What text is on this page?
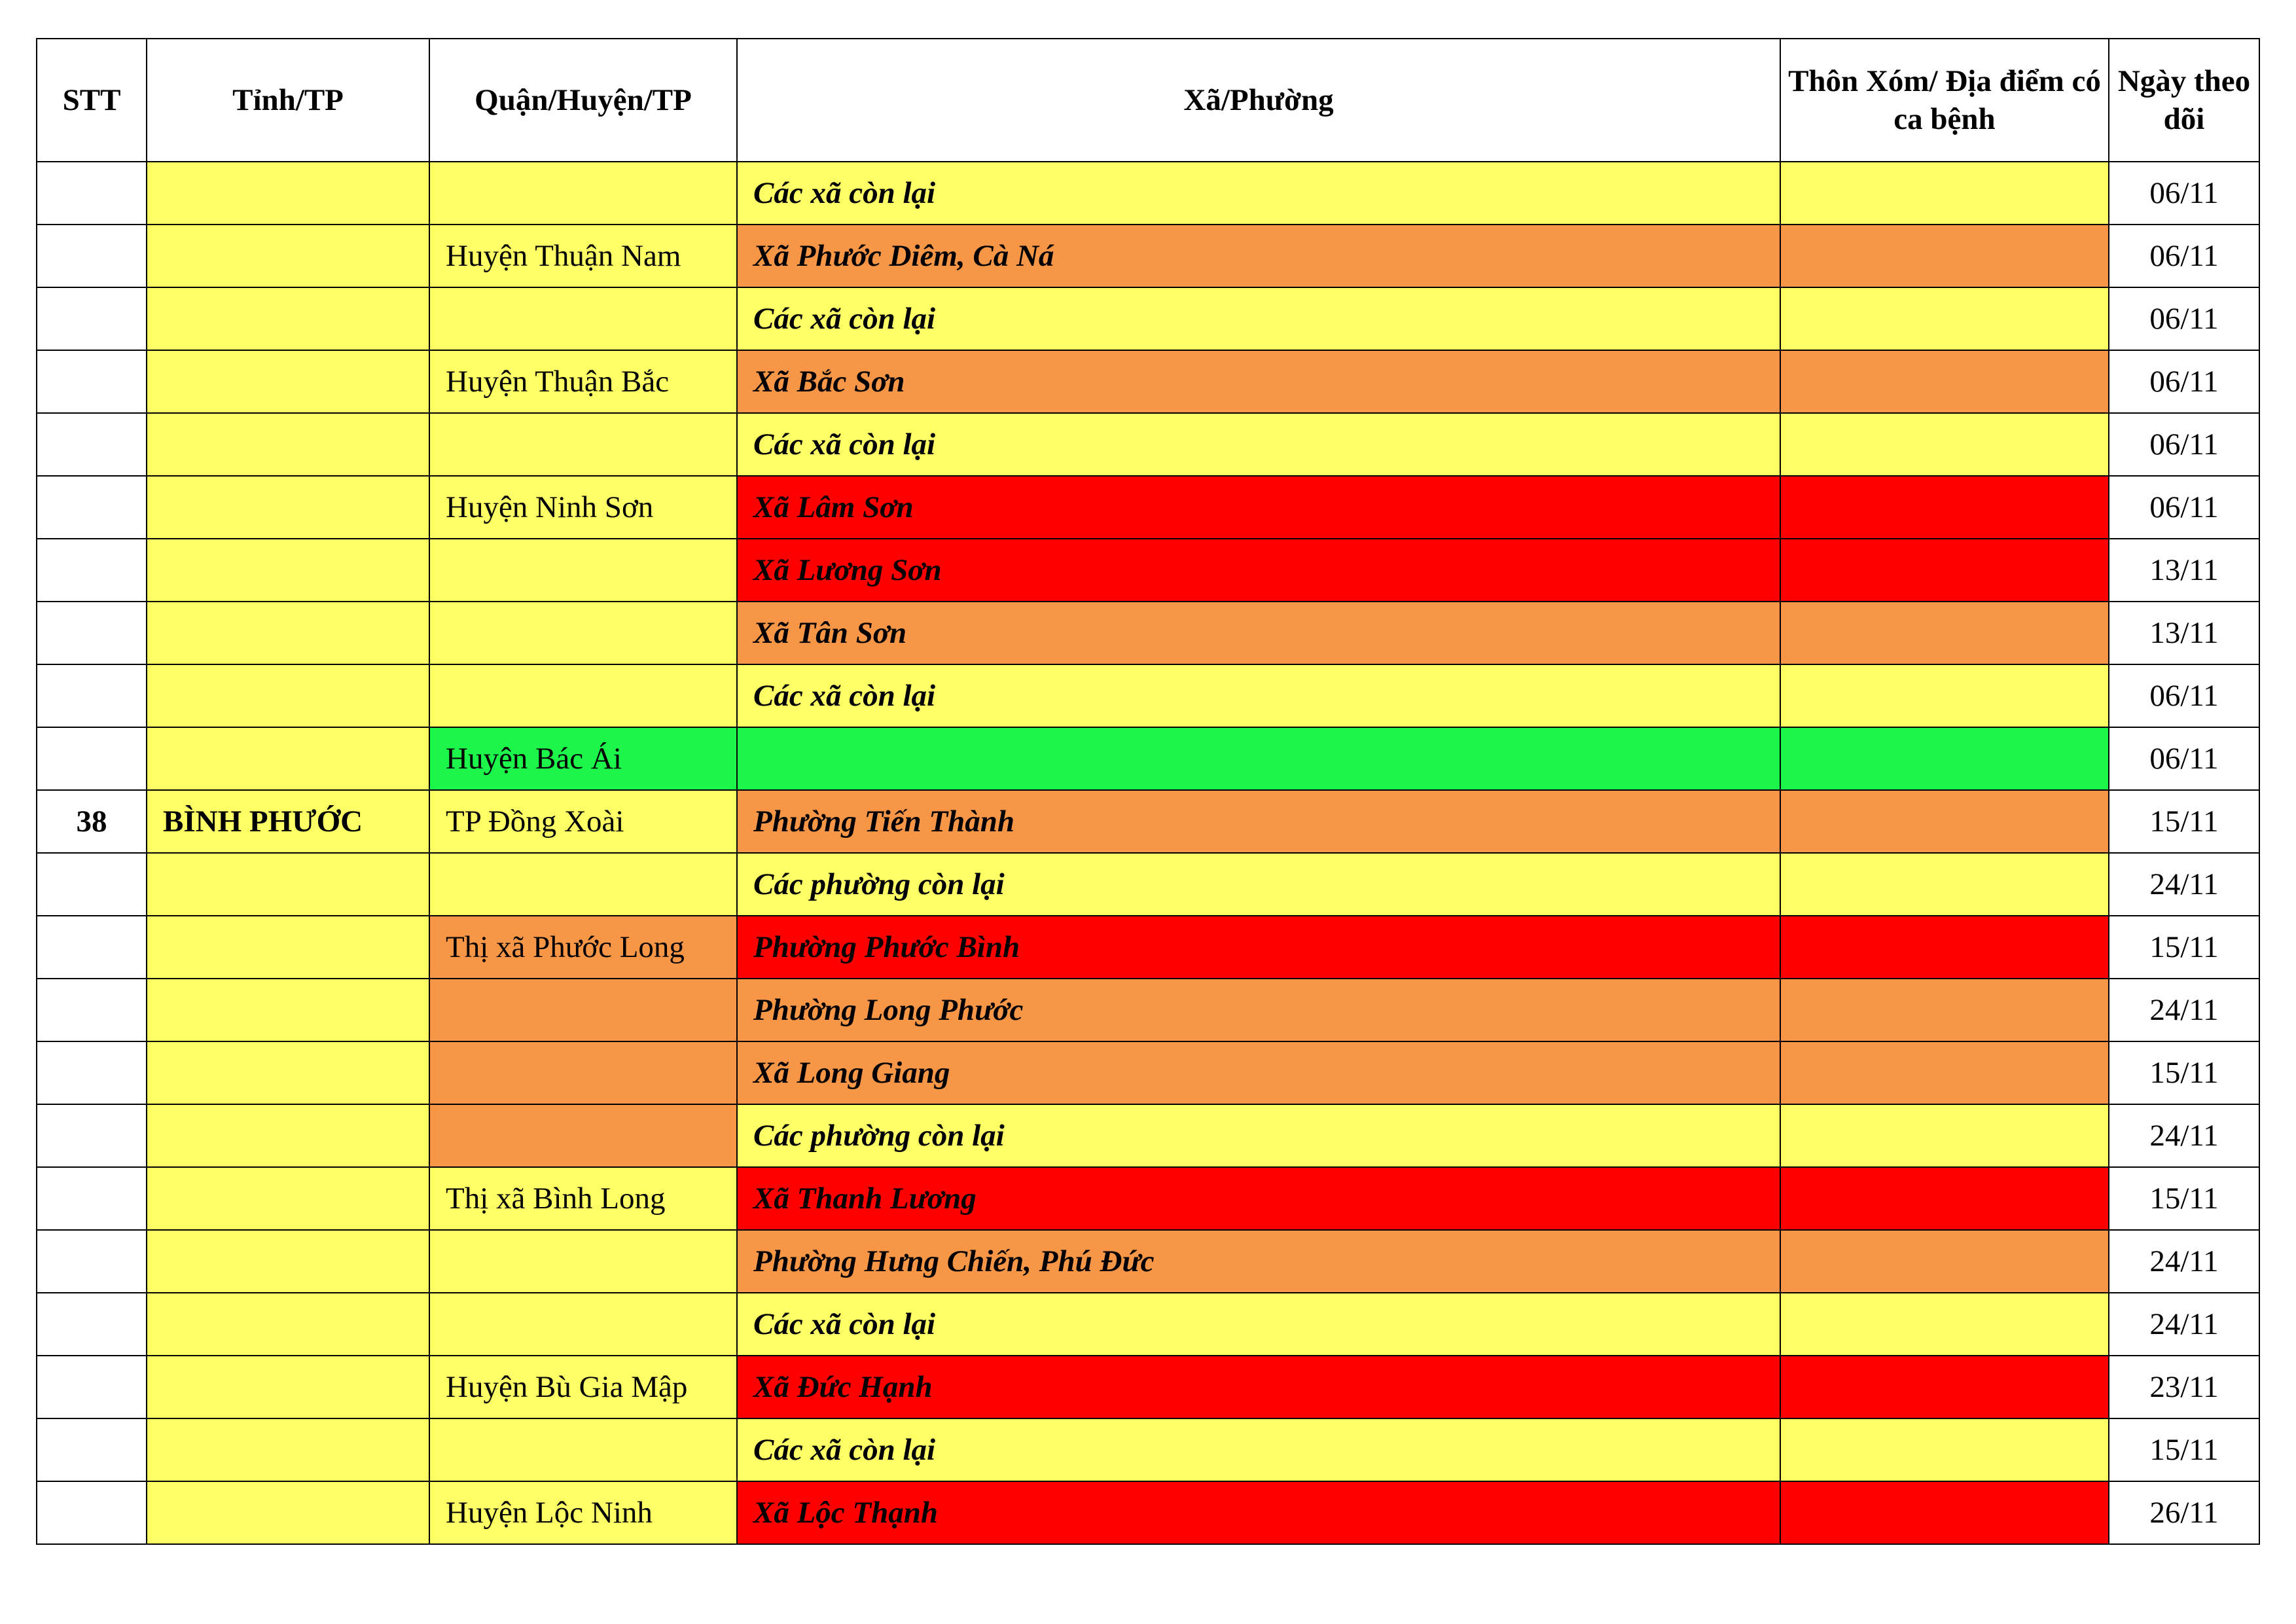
STT	Tỉnh/TP	Quận/Huyện/TP	Xã/Phường	Thôn Xóm/ Địa điểm có ca bệnh	Ngày theo dõi
			Các xã còn lại		06/11
		Huyện Thuận Nam	Xã Phước Diêm, Cà Ná		06/11
			Các xã còn lại		06/11
		Huyện Thuận Bắc	Xã Bắc Sơn		06/11
			Các xã còn lại		06/11
		Huyện Ninh Sơn	Xã Lâm Sơn		06/11
			Xã Lương Sơn		13/11
			Xã Tân Sơn		13/11
			Các xã còn lại		06/11
		Huyện Bác Ái			06/11
38	BÌNH PHƯỚC	TP Đồng Xoài	Phường Tiến Thành		15/11
			Các phường còn lại		24/11
		Thị xã Phước Long	Phường Phước Bình		15/11
			Phường Long Phước		24/11
			Xã Long Giang		15/11
			Các phường còn lại		24/11
		Thị xã Bình Long	Xã Thanh Lương		15/11
			Phường Hưng Chiến, Phú Đức		24/11
			Các xã còn lại		24/11
		Huyện Bù Gia Mập	Xã Đức Hạnh		23/11
			Các xã còn lại		15/11
		Huyện Lộc Ninh	Xã Lộc Thạnh		26/11
